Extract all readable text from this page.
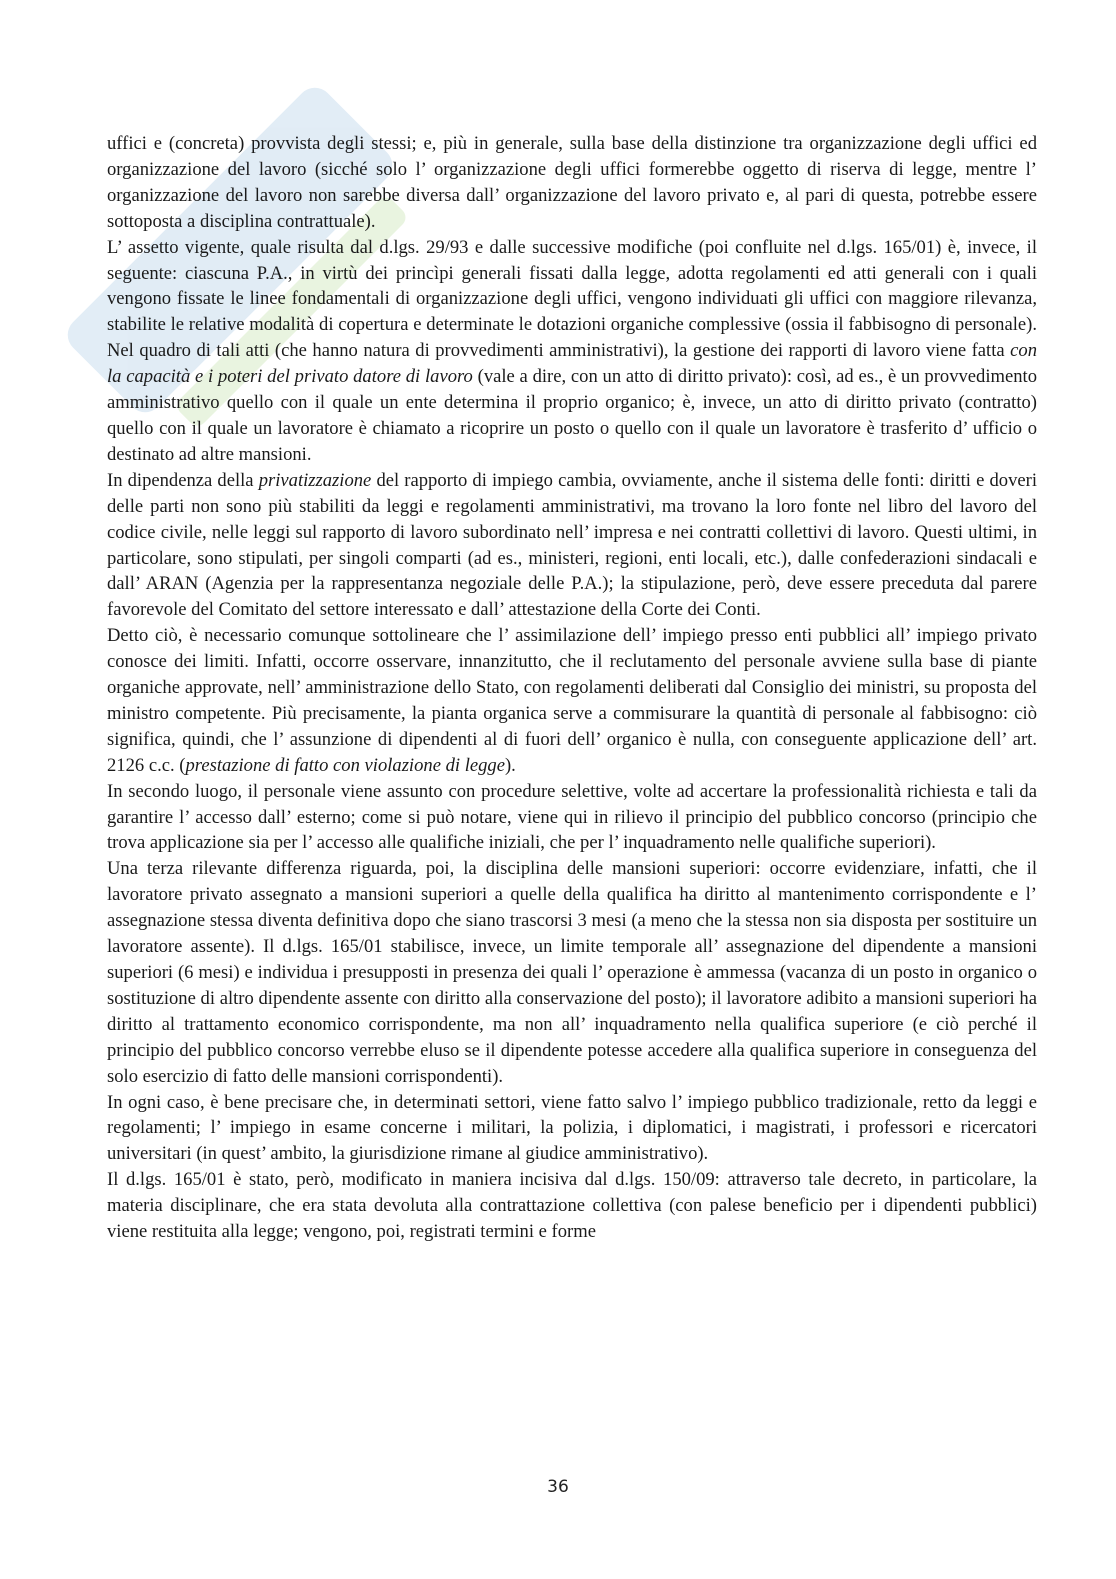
uffici e (concreta) provvista degli stessi; e, più in generale, sulla base della distinzione tra organizzazione degli uffici ed organizzazione del lavoro (sicché solo l’ organizzazione degli uffici formerebbe oggetto di riserva di legge, mentre l’ organizzazione del lavoro non sarebbe diversa dall’ organizzazione del lavoro privato e, al pari di questa, potrebbe essere sottoposta a disciplina contrattuale).

L’ assetto vigente, quale risulta dal d.lgs. 29/93 e dalle successive modifiche (poi confluite nel d.lgs. 165/01) è, invece, il seguente: ciascuna P.A., in virtù dei princìpi generali fissati dalla legge, adotta regolamenti ed atti generali con i quali vengono fissate le linee fondamentali di organizzazione degli uffici, vengono individuati gli uffici con maggiore rilevanza, stabilite le relative modalità di copertura e determinate le dotazioni organiche complessive (ossia il fabbisogno di personale). Nel quadro di tali atti (che hanno natura di provvedimenti amministrativi), la gestione dei rapporti di lavoro viene fatta con la capacità e i poteri del privato datore di lavoro (vale a dire, con un atto di diritto privato): così, ad es., è un provvedimento amministrativo quello con il quale un ente determina il proprio organico; è, invece, un atto di diritto privato (contratto) quello con il quale un lavoratore è chiamato a ricoprire un posto o quello con il quale un lavoratore è trasferito d’ ufficio o destinato ad altre mansioni.

In dipendenza della privatizzazione del rapporto di impiego cambia, ovviamente, anche il sistema delle fonti: diritti e doveri delle parti non sono più stabiliti da leggi e regolamenti amministrativi, ma trovano la loro fonte nel libro del lavoro del codice civile, nelle leggi sul rapporto di lavoro subordinato nell’ impresa e nei contratti collettivi di lavoro. Questi ultimi, in particolare, sono stipulati, per singoli comparti (ad es., ministeri, regioni, enti locali, etc.), dalle confederazioni sindacali e dall’ ARAN (Agenzia per la rappresentanza negoziale delle P.A.); la stipulazione, però, deve essere preceduta dal parere favorevole del Comitato del settore interessato e dall’ attestazione della Corte dei Conti.

Detto ciò, è necessario comunque sottolineare che l’ assimilazione dell’ impiego presso enti pubblici all’ impiego privato conosce dei limiti. Infatti, occorre osservare, innanzitutto, che il reclutamento del personale avviene sulla base di piante organiche approvate, nell’ amministrazione dello Stato, con regolamenti deliberati dal Consiglio dei ministri, su proposta del ministro competente. Più precisamente, la pianta organica serve a commisurare la quantità di personale al fabbisogno: ciò significa, quindi, che l’ assunzione di dipendenti al di fuori dell’ organico è nulla, con conseguente applicazione dell’ art. 2126 c.c. (prestazione di fatto con violazione di legge).

In secondo luogo, il personale viene assunto con procedure selettive, volte ad accertare la professionalità richiesta e tali da garantire l’ accesso dall’ esterno; come si può notare, viene qui in rilievo il principio del pubblico concorso (principio che trova applicazione sia per l’ accesso alle qualifiche iniziali, che per l’ inquadramento nelle qualifiche superiori).

Una terza rilevante differenza riguarda, poi, la disciplina delle mansioni superiori: occorre evidenziare, infatti, che il lavoratore privato assegnato a mansioni superiori a quelle della qualifica ha diritto al mantenimento corrispondente e l’ assegnazione stessa diventa definitiva dopo che siano trascorsi 3 mesi (a meno che la stessa non sia disposta per sostituire un lavoratore assente). Il d.lgs. 165/01 stabilisce, invece, un limite temporale all’ assegnazione del dipendente a mansioni superiori (6 mesi) e individua i presupposti in presenza dei quali l’ operazione è ammessa (vacanza di un posto in organico o sostituzione di altro dipendente assente con diritto alla conservazione del posto); il lavoratore adibito a mansioni superiori ha diritto al trattamento economico corrispondente, ma non all’ inquadramento nella qualifica superiore (e ciò perché il principio del pubblico concorso verrebbe eluso se il dipendente potesse accedere alla qualifica superiore in conseguenza del solo esercizio di fatto delle mansioni corrispondenti).

In ogni caso, è bene precisare che, in determinati settori, viene fatto salvo l’ impiego pubblico tradizionale, retto da leggi e regolamenti; l’ impiego in esame concerne i militari, la polizia, i diplomatici, i magistrati, i professori e ricercatori universitari (in quest’ ambito, la giurisdizione rimane al giudice amministrativo).

Il d.lgs. 165/01 è stato, però, modificato in maniera incisiva dal d.lgs. 150/09: attraverso tale decreto, in particolare, la materia disciplinare, che era stata devoluta alla contrattazione collettiva (con palese beneficio per i dipendenti pubblici) viene restituita alla legge; vengono, poi, registrati termini e forme

36
